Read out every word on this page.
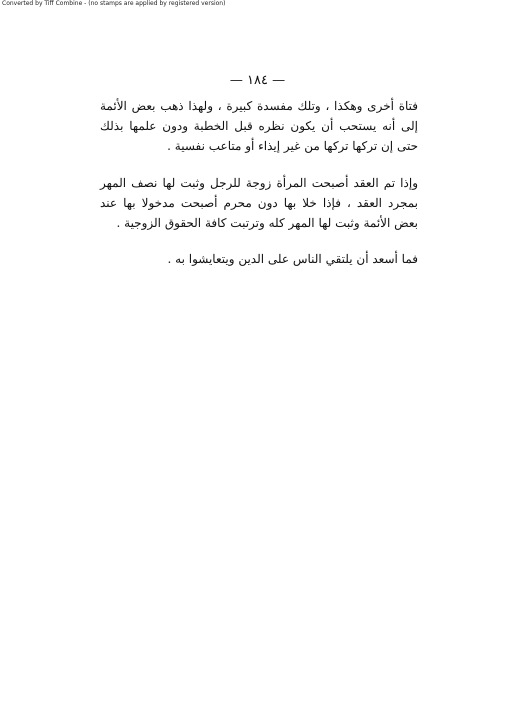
Converted by Tiff Combine - (no stamps are applied by registered version)
— ١٨٤ —

فتاة أخرى وهكذا ، وتلك مفسدة كبيرة ، ولهذا ذهب بعض الأئمة إلى أنه يستحب أن يكون نظره قبل الخطبة ودون علمها بذلك حتى إن تركها تركها من غير إيذاء أو متاعب نفسية .

وإذا تم العقد أصبحت المرأة زوجة للرجل وثبت لها نصف المهر بمجرد العقد ، فإذا خلا بها دون محرم أصبحت مدخولا بها عند بعض الأئمة وثبت لها المهر كله وترتبت كافة الحقوق الزوجية .

فما أسعد أن يلتقي الناس على الدين ويتعايشوا به .
